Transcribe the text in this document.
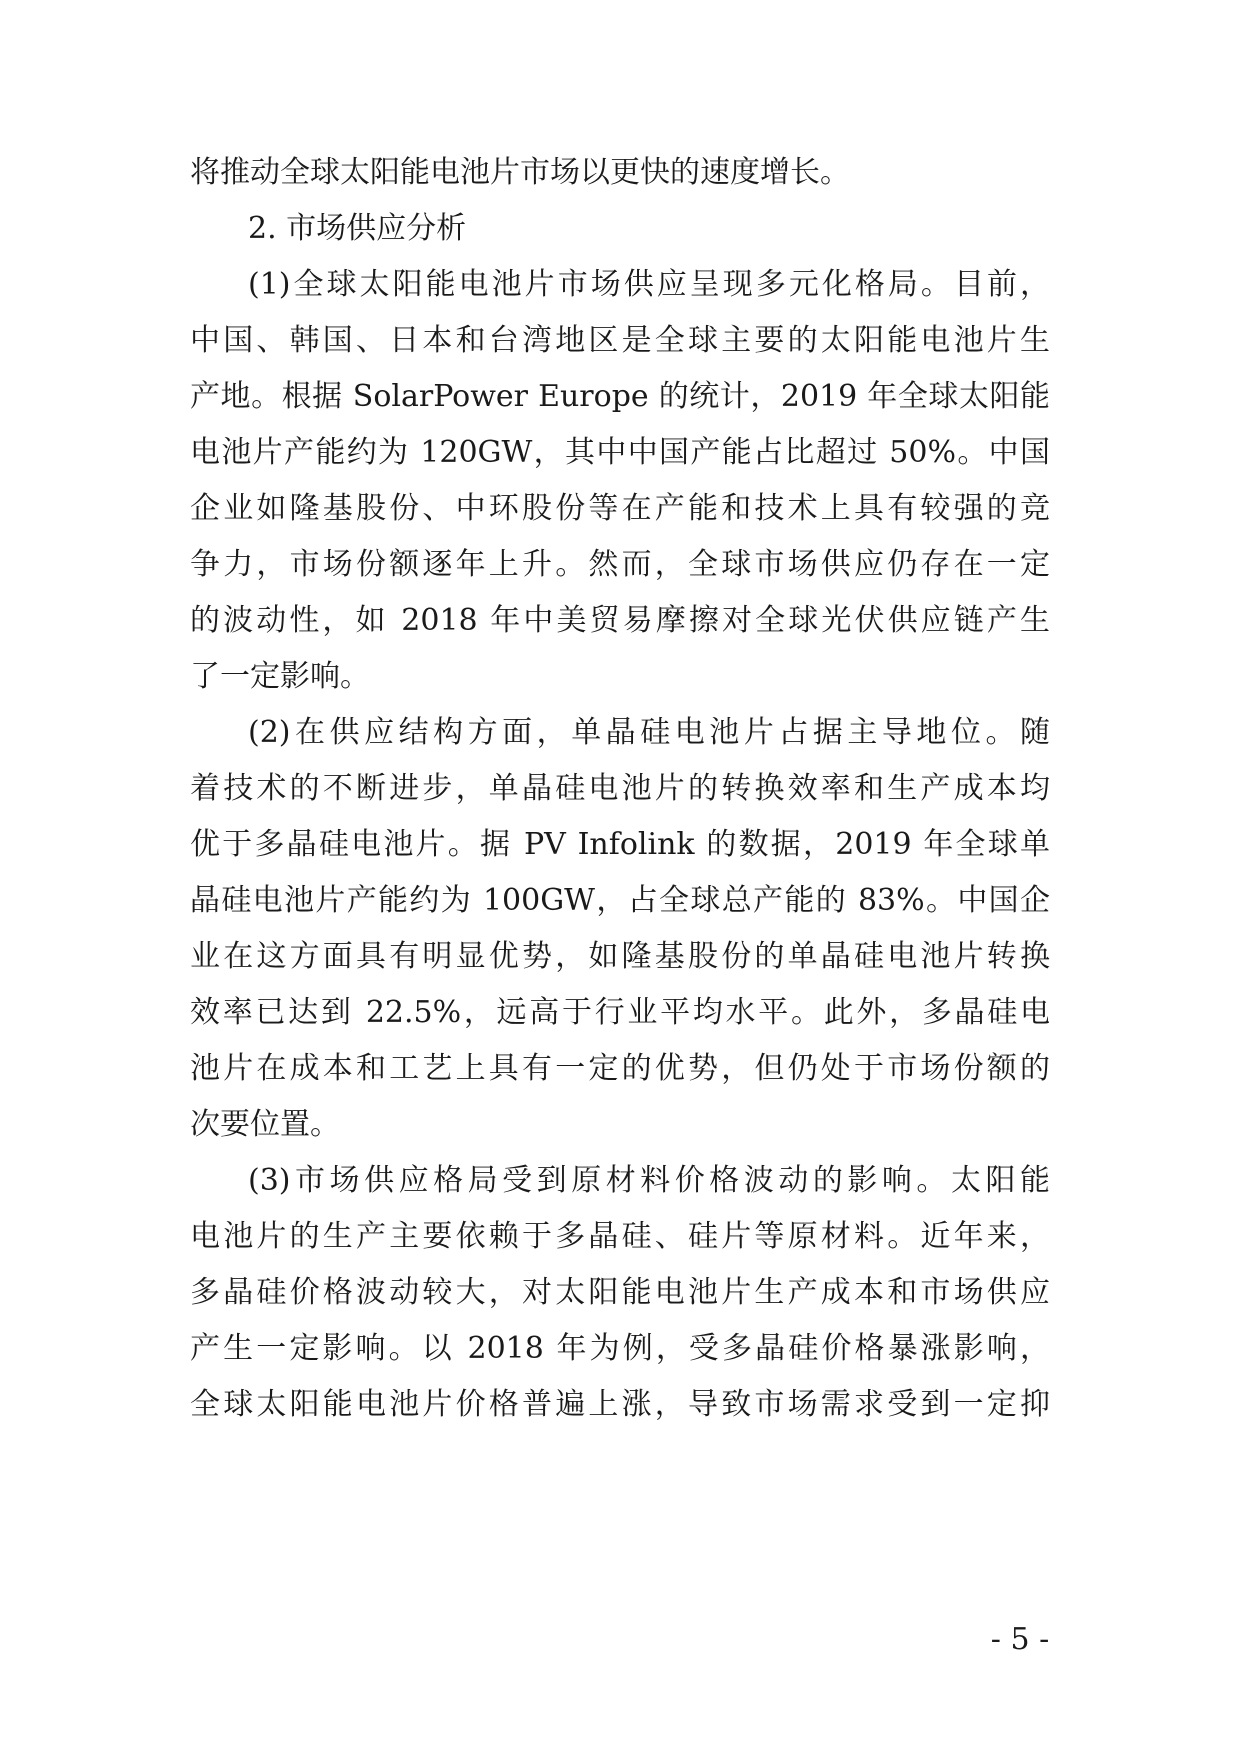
将推动全球太阳能电池片市场以更快的速度增长。
2. 市场供应分析
(1)全球太阳能电池片市场供应呈现多元化格局。目前，
中国、韩国、日本和台湾地区是全球主要的太阳能电池片生
产地。根据 SolarPower Europe 的统计，2019 年全球太阳能
电池片产能约为 120GW，其中中国产能占比超过 50%。中国
企业如隆基股份、中环股份等在产能和技术上具有较强的竞
争力，市场份额逐年上升。然而，全球市场供应仍存在一定
的波动性，如 2018 年中美贸易摩擦对全球光伏供应链产生
了一定影响。
(2)在供应结构方面，单晶硅电池片占据主导地位。随
着技术的不断进步，单晶硅电池片的转换效率和生产成本均
优于多晶硅电池片。据 PV Infolink 的数据，2019 年全球单
晶硅电池片产能约为 100GW，占全球总产能的 83%。中国企
业在这方面具有明显优势，如隆基股份的单晶硅电池片转换
效率已达到 22.5%，远高于行业平均水平。此外，多晶硅电
池片在成本和工艺上具有一定的优势，但仍处于市场份额的
次要位置。
(3)市场供应格局受到原材料价格波动的影响。太阳能
电池片的生产主要依赖于多晶硅、硅片等原材料。近年来，
多晶硅价格波动较大，对太阳能电池片生产成本和市场供应
产生一定影响。以 2018 年为例，受多晶硅价格暴涨影响，
全球太阳能电池片价格普遍上涨，导致市场需求受到一定抑
- 5 -
